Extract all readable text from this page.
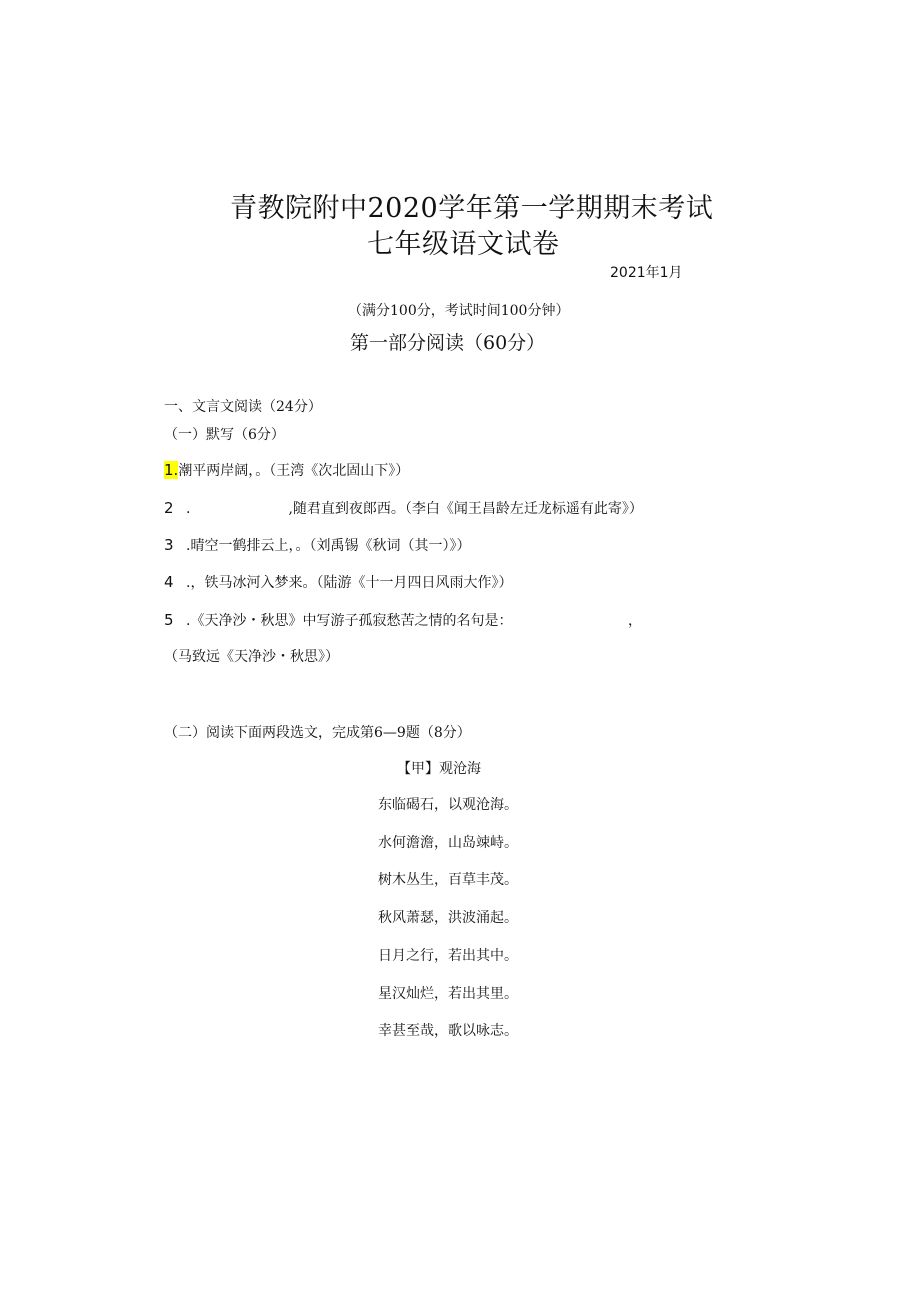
青教院附中2020学年第一学期期末考试
七年级语文试卷
2021年1月
（满分100分，考试时间100分钟）
第一部分阅读（60分）
一、文言文阅读（24分）
（一）默写（6分）
1.潮平两岸阔，。（王湾《次北固山下》）
2 .　　　　　　　,随君直到夜郎西。（李白《闻王昌龄左迁龙标遥有此寄》）
3 .晴空一鹤排云上，。（刘禹锡《秋词（其一）》）
4 .，铁马冰河入梦来。（陆游《十一月四日风雨大作》）
5 .《天净沙・秋思》中写游子孤寂愁苦之情的名句是：	，
（马致远《天净沙・秋思》）
（二）阅读下面两段选文，完成第6—9题（8分）
【甲】观沧海
东临碣石，以观沧海。
水何澹澹，山岛竦峙。
树木丛生，百草丰茂。
秋风萧瑟，洪波涌起。
日月之行，若出其中。
星汉灿烂，若出其里。
幸甚至哉，歌以咏志。
